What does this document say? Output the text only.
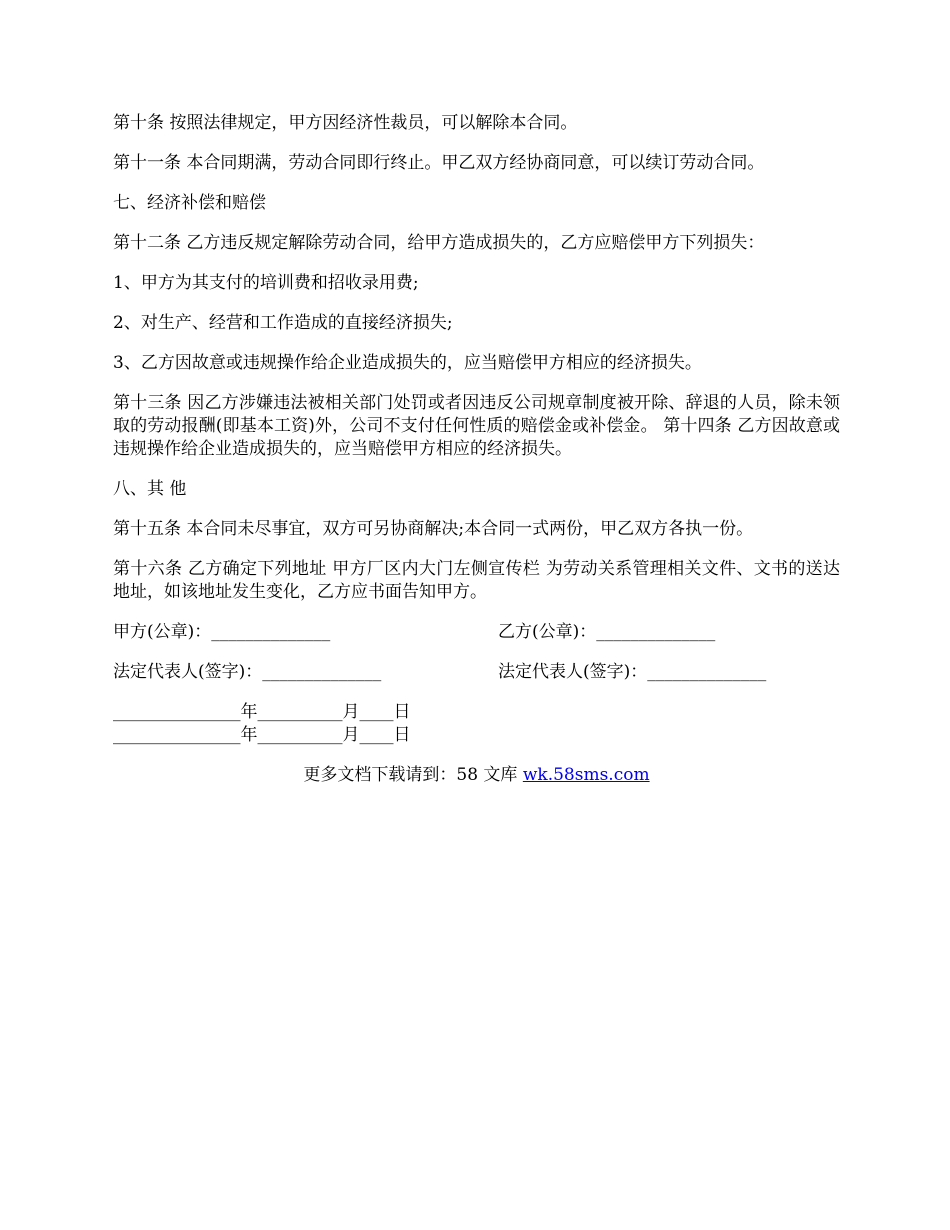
第十条 按照法律规定，甲方因经济性裁员，可以解除本合同。

第十一条 本合同期满，劳动合同即行终止。甲乙双方经协商同意，可以续订劳动合同。

七、经济补偿和赔偿

第十二条 乙方违反规定解除劳动合同，给甲方造成损失的，乙方应赔偿甲方下列损失：

1、甲方为其支付的培训费和招收录用费;

2、对生产、经营和工作造成的直接经济损失;

3、乙方因故意或违规操作给企业造成损失的，应当赔偿甲方相应的经济损失。

第十三条 因乙方涉嫌违法被相关部门处罚或者因违反公司规章制度被开除、辞退的人员，除未领取的劳动报酬(即基本工资)外，公司不支付任何性质的赔偿金或补偿金。 第十四条 乙方因故意或违规操作给企业造成损失的，应当赔偿甲方相应的经济损失。

八、其 他

第十五条 本合同未尽事宜，双方可另协商解决;本合同一式两份，甲乙双方各执一份。

第十六条 乙方确定下列地址 甲方厂区内大门左侧宣传栏 为劳动关系管理相关文件、文书的送达地址，如该地址发生变化，乙方应书面告知甲方。

甲方(公章)：______________	乙方(公章)：______________
法定代表人(签字)：______________	法定代表人(签字)：______________
_______________年__________月____日_______________年__________月____日
更多文档下载请到：58 文库 wk.58sms.com
